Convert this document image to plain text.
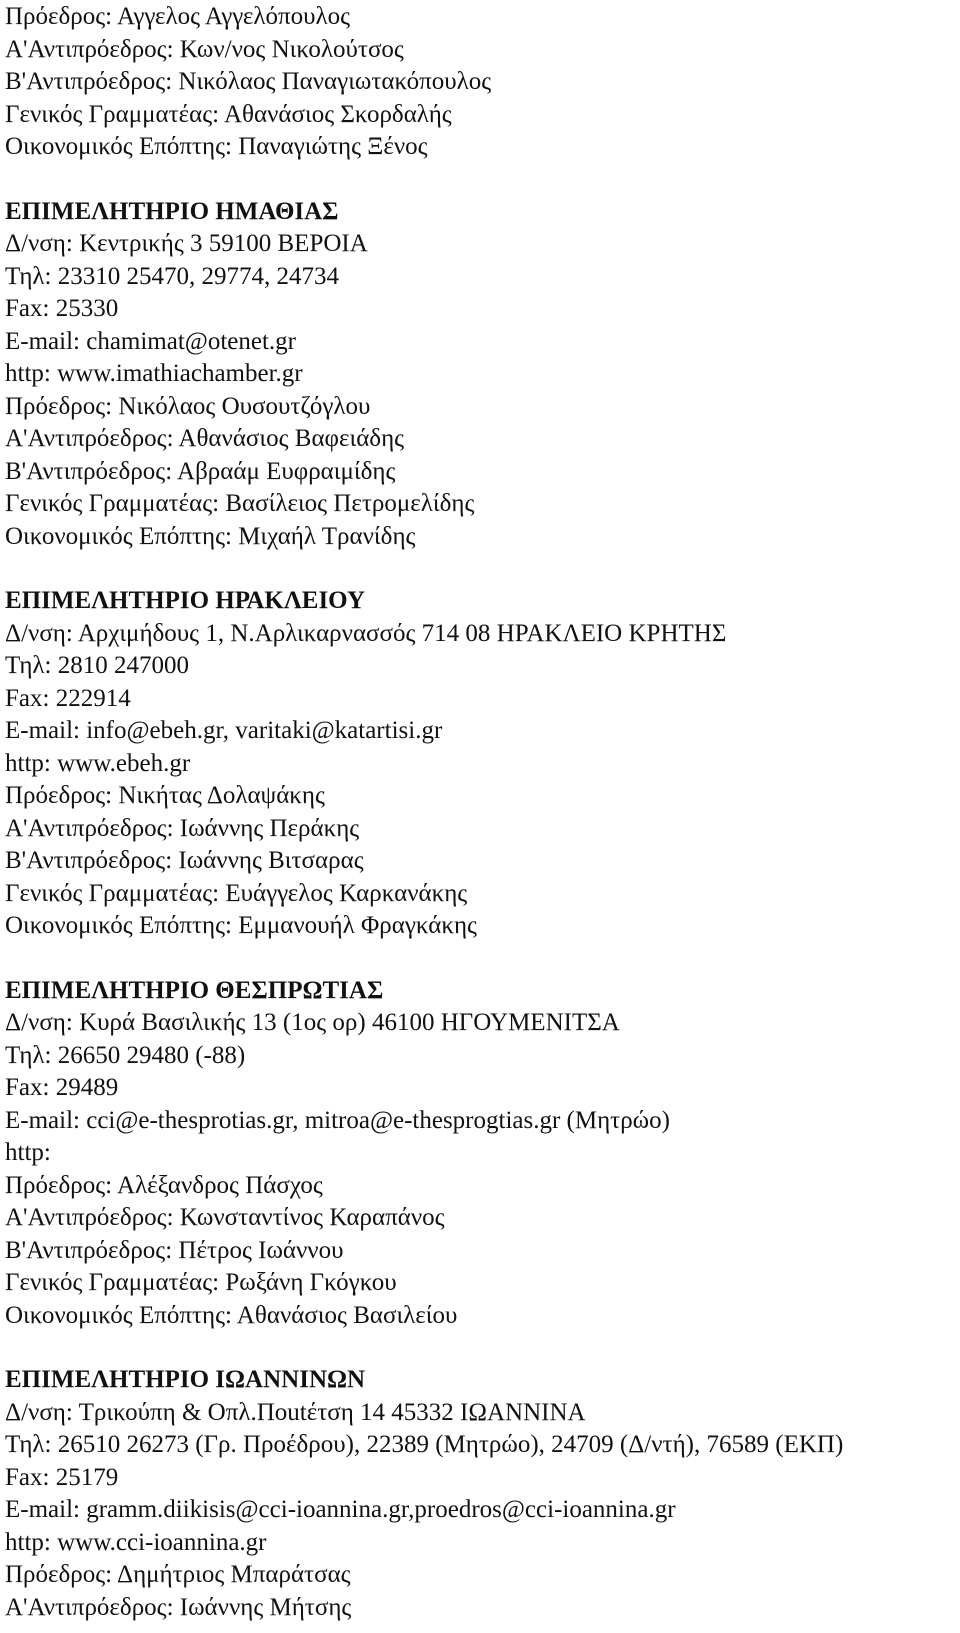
Πρόεδρος: Αγγελος Αγγελόπουλος
Α'Αντιπρόεδρος: Κων/νος Νικολούτσος
Β'Αντιπρόεδρος: Νικόλαος Παναγιωτακόπουλος
Γενικός Γραμματέας: Αθανάσιος Σκορδαλής
Οικονομικός Επόπτης: Παναγιώτης Ξένος
ΕΠΙΜΕΛΗΤΗΡΙΟ ΗΜΑΘΙΑΣ
Δ/νση: Κεντρικής 3 59100 ΒΕΡΟΙΑ
Τηλ: 23310 25470, 29774, 24734
Fax: 25330
E-mail: chamimat@otenet.gr
http: www.imathiachamber.gr
Πρόεδρος: Νικόλαος Ουσουτζόγλου
Α'Αντιπρόεδρος: Αθανάσιος Βαφειάδης
Β'Αντιπρόεδρος: Αβραάμ Ευφραιμίδης
Γενικός Γραμματέας: Βασίλειος Πετρομελίδης
Οικονομικός Επόπτης: Μιχαήλ Τρανίδης
ΕΠΙΜΕΛΗΤΗΡΙΟ ΗΡΑΚΛΕΙΟΥ
Δ/νση: Αρχιμήδους 1, Ν.Αρλικαρνασσός 714 08 ΗΡΑΚΛΕΙΟ ΚΡΗΤΗΣ
Τηλ: 2810 247000
Fax: 222914
E-mail: info@ebeh.gr, varitaki@katartisi.gr
http: www.ebeh.gr
Πρόεδρος: Νικήτας Δολαψάκης
Α'Αντιπρόεδρος: Ιωάννης Περάκης
Β'Αντιπρόεδρος: Ιωάννης Βιτσαρας
Γενικός Γραμματέας: Ευάγγελος Καρκανάκης
Οικονομικός Επόπτης: Εμμανουήλ Φραγκάκης
ΕΠΙΜΕΛΗΤΗΡΙΟ ΘΕΣΠΡΩΤΙΑΣ
Δ/νση: Κυρά Βασιλικής 13 (1ος ορ) 46100 ΗΓΟΥΜΕΝΙΤΣΑ
Τηλ: 26650 29480 (-88)
Fax: 29489
E-mail: cci@e-thesprotias.gr, mitroa@e-thesprogtias.gr (Μητρώο)
http:
Πρόεδρος: Αλέξανδρος Πάσχος
Α'Αντιπρόεδρος: Κωνσταντίνος Καραπάνος
Β'Αντιπρόεδρος: Πέτρος Ιωάννου
Γενικός Γραμματέας: Ρωξάνη Γκόγκου
Οικονομικός Επόπτης: Αθανάσιος Βασιλείου
ΕΠΙΜΕΛΗΤΗΡΙΟ ΙΩΑΝΝΙΝΩΝ
Δ/νση: Τρικούπη & Οπλ.Ποutέτση 14 45332 ΙΩΑΝΝΙΝΑ
Τηλ: 26510 26273 (Γρ. Προέδρου), 22389 (Μητρώο), 24709 (Δ/ντή), 76589 (ΕΚΠ)
Fax: 25179
E-mail: gramm.diikisis@cci-ioannina.gr,proedros@cci-ioannina.gr
http: www.cci-ioannina.gr
Πρόεδρος: Δημήτριος Μπαράτσας
Α'Αντιπρόεδρος: Ιωάννης Μήτσης
